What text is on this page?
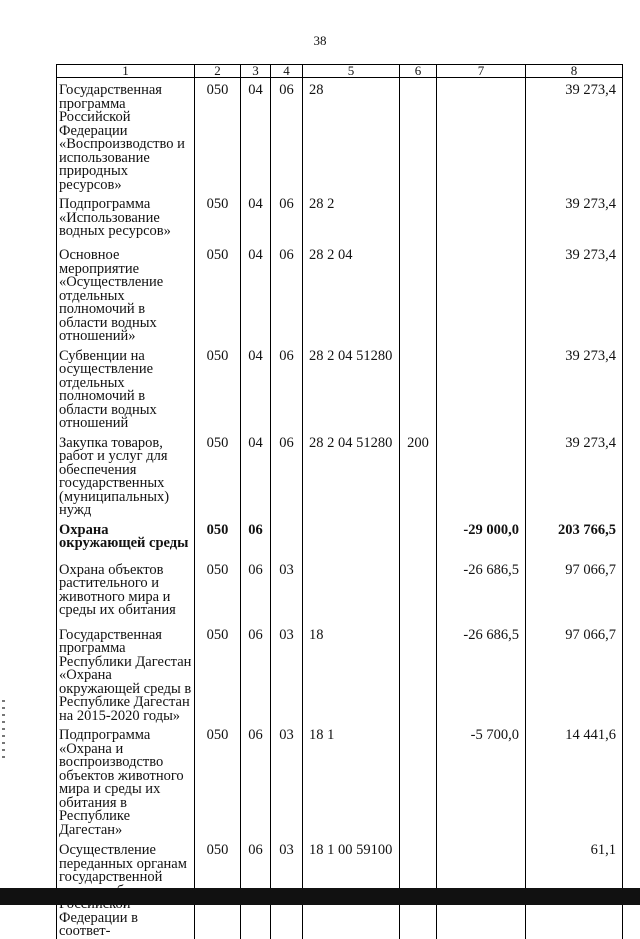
38
1	2	3	4	5	6	7	8
Государственная программа Российской Федерации «Воспроизводство и использование природных ресурсов»	050	04	06	28			39 273,4
Подпрограмма «Использование водных ресурсов»	050	04	06	28 2			39 273,4
Основное мероприятие «Осуществление отдельных полномочий в области водных отношений»	050	04	06	28 2 04			39 273,4
Субвенции на осуществление отдельных полномочий в области водных отношений	050	04	06	28 2 04 51280			39 273,4
Закупка товаров, работ и услуг для обеспечения государственных (муниципальных) нужд	050	04	06	28 2 04 51280	200		39 273,4
Охрана окружающей среды	050	06				-29 000,0	203 766,5
Охрана объектов растительного и животного мира и среды их обитания	050	06	03			-26 686,5	97 066,7
Государственная программа Республики Дагестан «Охрана окружающей среды в Республике Дагестан на 2015-2020 годы»	050	06	03	18		-26 686,5	97 066,7
Подпрограмма «Охрана и воспроизводство объектов животного мира и среды их обитания в Республике Дагестан»	050	06	03	18 1		-5 700,0	14 441,6
Осуществление переданных органам государственной Федерации в соответ-	050	06	03	18 1 00 59100			61,1
